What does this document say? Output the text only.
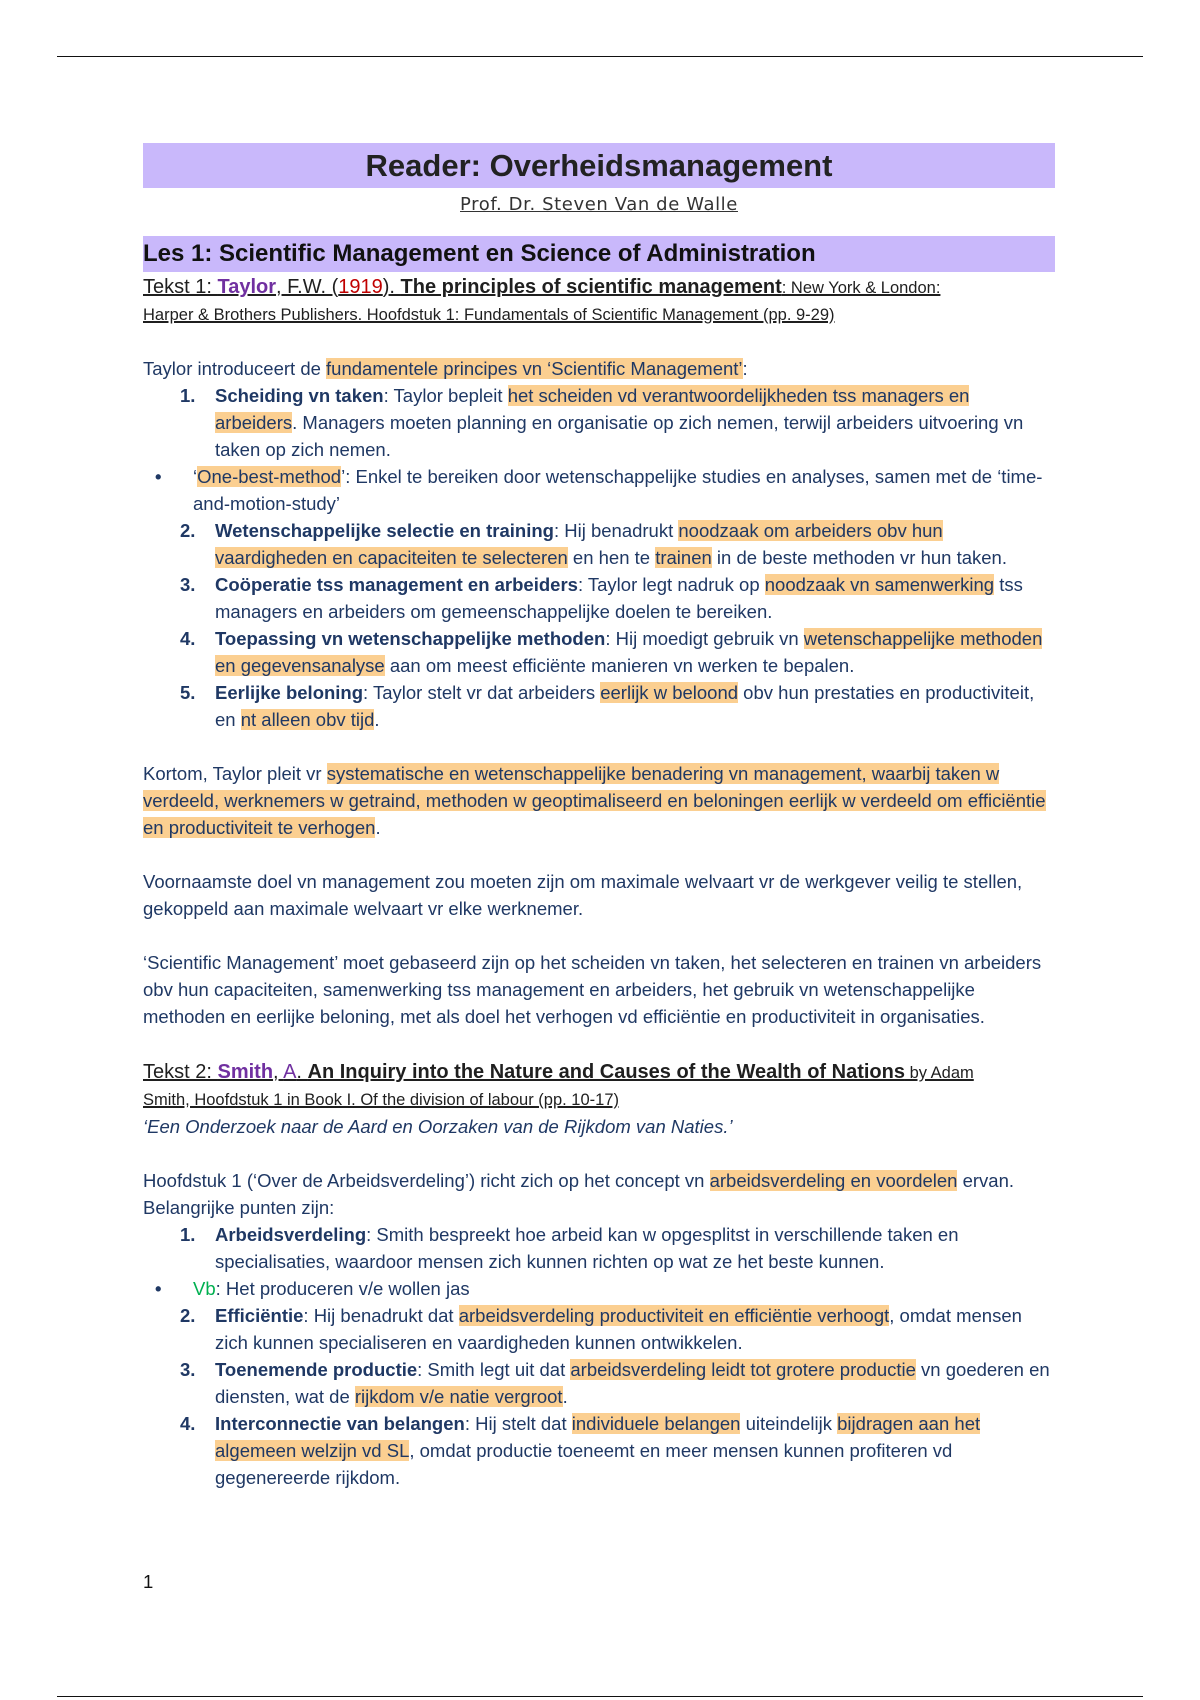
Reader: Overheidsmanagement
Prof. Dr. Steven Van de Walle
Les 1: Scientific Management en Science of Administration
Tekst 1: Taylor, F.W. (1919). The principles of scientific management: New York & London:
Harper & Brothers Publishers. Hoofdstuk 1: Fundamentals of Scientific Management (pp. 9-29)

Taylor introduceert de fundamentele principes vn ‘Scientific Management’:

1. Scheiding vn taken: Taylor bepleit het scheiden vd verantwoordelijkheden tss managers en arbeiders. Managers moeten planning en organisatie op zich nemen, terwijl arbeiders uitvoering vn taken op zich nemen.
• ‘One-best-method’: Enkel te bereiken door wetenschappelijke studies en analyses, samen met de ‘time-and-motion-study’
2. Wetenschappelijke selectie en training: Hij benadrukt noodzaak om arbeiders obv hun vaardigheden en capaciteiten te selecteren en hen te trainen in de beste methoden vr hun taken.
3. Coöperatie tss management en arbeiders: Taylor legt nadruk op noodzaak vn samenwerking tss managers en arbeiders om gemeenschappelijke doelen te bereiken.
4. Toepassing vn wetenschappelijke methoden: Hij moedigt gebruik vn wetenschappelijke methoden en gegevensanalyse aan om meest efficiënte manieren vn werken te bepalen.
5. Eerlijke beloning: Taylor stelt vr dat arbeiders eerlijk w beloond obv hun prestaties en productiviteit, en nt alleen obv tijd.

Kortom, Taylor pleit vr systematische en wetenschappelijke benadering vn management, waarbij taken w verdeeld, werknemers w getraind, methoden w geoptimaliseerd en beloningen eerlijk w verdeeld om efficiëntie en productiviteit te verhogen.

Voornaamste doel vn management zou moeten zijn om maximale welvaart vr de werkgever veilig te stellen, gekoppeld aan maximale welvaart vr elke werknemer.

‘Scientific Management’ moet gebaseerd zijn op het scheiden vn taken, het selecteren en trainen vn arbeiders obv hun capaciteiten, samenwerking tss management en arbeiders, het gebruik vn wetenschappelijke methoden en eerlijke beloning, met als doel het verhogen vd efficiëntie en productiviteit in organisaties.

Tekst 2: Smith, A. An Inquiry into the Nature and Causes of the Wealth of Nations by Adam
Smith, Hoofdstuk 1 in Book I. Of the division of labour (pp. 10-17)

‘Een Onderzoek naar de Aard en Oorzaken van de Rijkdom van Naties.’

Hoofdstuk 1 (‘Over de Arbeidsverdeling’) richt zich op het concept vn arbeidsverdeling en voordelen ervan. Belangrijke punten zijn:

1. Arbeidsverdeling: Smith bespreekt hoe arbeid kan w opgesplitst in verschillende taken en specialisaties, waardoor mensen zich kunnen richten op wat ze het beste kunnen.
• Vb: Het produceren v/e wollen jas
2. Efficiëntie: Hij benadrukt dat arbeidsverdeling productiviteit en efficiëntie verhoogt, omdat mensen zich kunnen specialiseren en vaardigheden kunnen ontwikkelen.
3. Toenemende productie: Smith legt uit dat arbeidsverdeling leidt tot grotere productie vn goederen en diensten, wat de rijkdom v/e natie vergroot.
4. Interconnectie van belangen: Hij stelt dat individuele belangen uiteindelijk bijdragen aan het algemeen welzijn vd SL, omdat productie toeneemt en meer mensen kunnen profiteren vd gegenereerde rijkdom.
1
